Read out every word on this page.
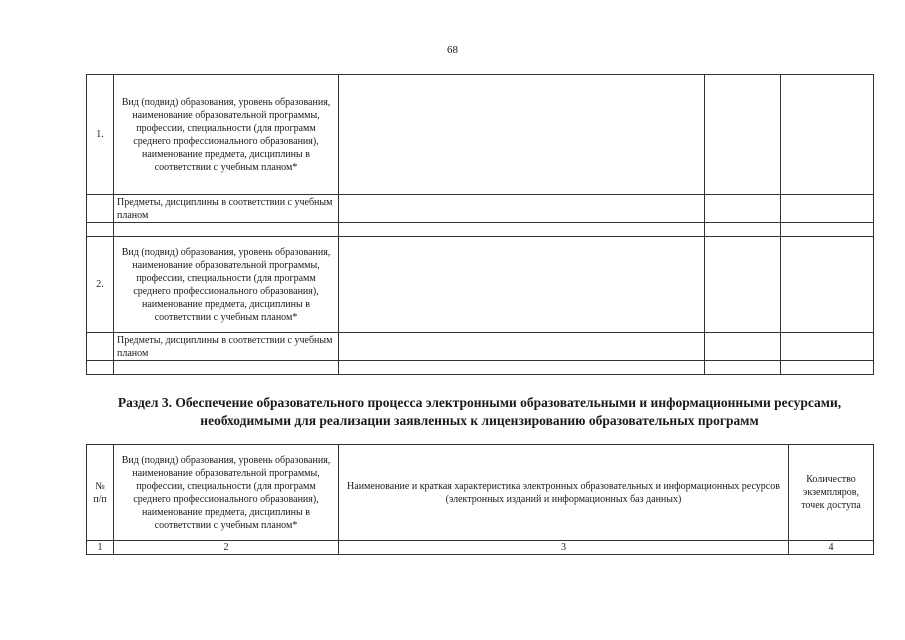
68
1.	Вид (подвид) образования, уровень образования, наименование образовательной программы, профессии, специальности (для программ среднего профессионального образования), наименование предмета, дисциплины в соответствии с учебным планом*			
	Предметы, дисциплины в соответствии с учебным планом			

2.	Вид (подвид) образования, уровень образования, наименование образовательной программы, профессии, специальности (для программ среднего профессионального образования), наименование предмета, дисциплины в соответствии с учебным планом*			
	Предметы, дисциплины в соответствии с учебным планом			

Раздел 3. Обеспечение образовательного процесса электронными образовательными и информационными ресурсами, необходимыми для реализации заявленных к лицензированию образовательных программ
№ п/п	Вид (подвид) образования, уровень образования, наименование образовательной программы, профессии, специальности (для программ среднего профессионального образования), наименование предмета, дисциплины в соответствии с учебным планом*	Наименование и краткая характеристика электронных образовательных и информационных ресурсов (электронных изданий и информационных баз данных)	Количество экземпляров, точек доступа
1	2	3	4
